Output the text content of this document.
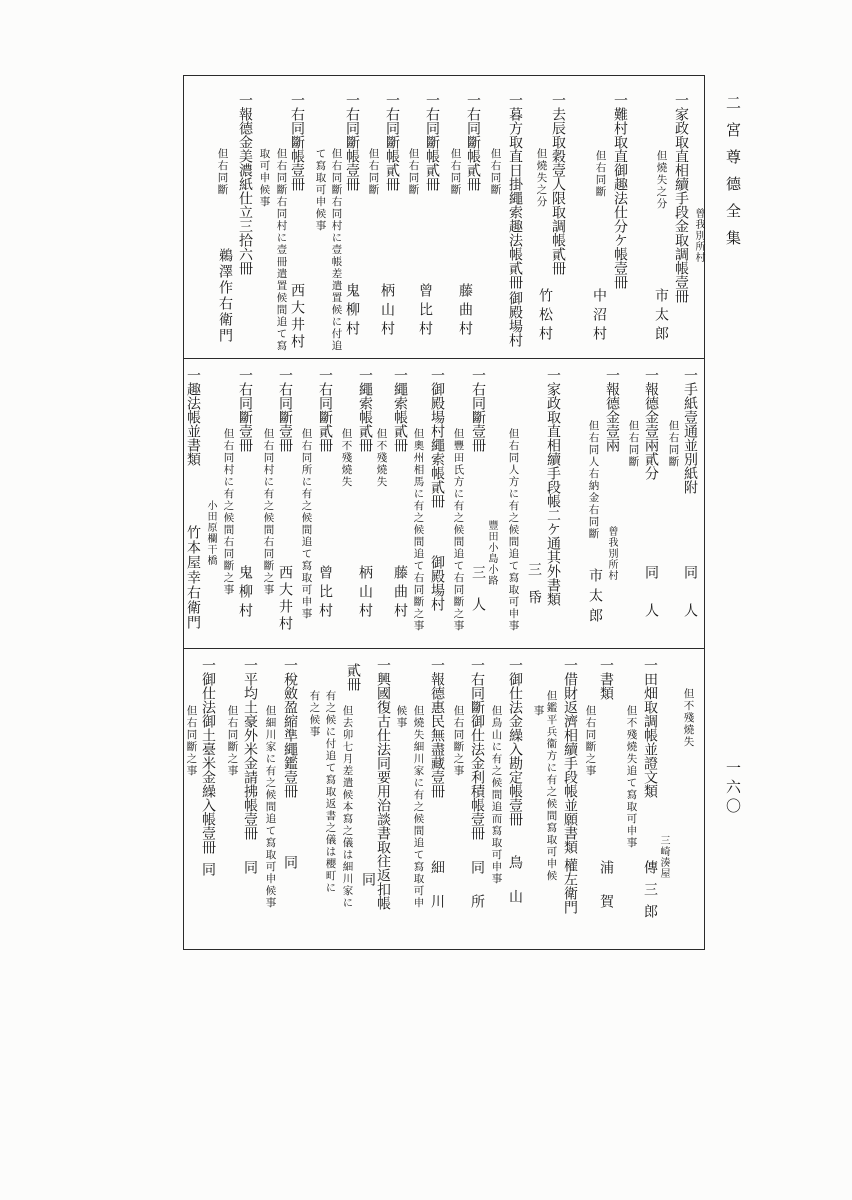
二宮尊德全集
一六〇
曾我別所村
一家政取直相續手段金取調帳壹冊
但燒失之分
市太郎
一難村取直御趣法仕分ケ帳壹冊
但右同斷
中沼村
一去辰取穀壹人限取調帳貳冊
但燒失之分
竹松村
一暮方取直日掛繩索趣法帳貳冊
但右同斷
御殿場村
一右同斷帳貳冊
但右同斷
藤曲村
一右同斷帳貳冊
但右同斷
曾比村
一右同斷帳貳冊
但右同斷
柄山村
一右同斷帳壹冊
但右同斷右同村に壹帳差遣置候に付追
て寫取可申候事
鬼柳村
一右同斷帳壹冊
但右同斷右同村に壹冊遣置候間追て寫
取可申候事
西大井村
一報德金美濃紙仕立三拾六冊
但右同斷
鵜澤作右衛門
一手紙壹通並別紙附
但右同斷
同人
一報德金壹兩貳分
但右同斷
同人
一報德金壹兩
但右同人右納金右同斷
曾我別所村
市太郎
一家政取直相續手段帳二ケ通其外書類
三帋
但右同人方に有之候間追て寫取可申事
一右同斷壹冊
豐田小島小路
三人
但豐田氏方に有之候間追て右同斷之事
一御殿場村繩索帳貳冊
但奧州相馬に有之候間追て右同斷之事 御殿場村
一繩索帳貳冊
但不殘燒失
藤曲村
一繩索帳貳冊
但不殘燒失
柄山村
一右同斷貳冊
但右同所に有之候間追て寫取可申事 曾比村
一右同斷壹冊
但右同村に有之候間右同斷之事
西大井村
一右同斷壹冊
但右同村に有之候間右同斷之事 鬼柳村
一趣法帳並書類
小田原欄干橋
竹本屋幸右衛門
但不殘燒失
一田畑取調帳並證文類
但不殘燒失追て寫取可申事
三崎湊屋
傳三郎
一書類
但右同斷之事
浦賀
一借財返濟相續手段帳並願書類
權左衛門
但鑑平兵衞方に有之候間寫取可申候
事
一御仕法金繰入勘定帳壹冊
鳥山
但鳥山に有之候間追而寫取可申事
一右同斷御仕法金利積帳壹冊
同所
但右同斷之事
一報德惠民無盡藏壹冊
細川
但燒失細川家に有之候間追て寫取可申
候事
一興國復古仕法同要用治談書取往返扣帳
同
貳冊
但去卯七月差遣候本寫之儀は細川家に
有之候に付追て寫取返書之儀は櫻町に
有之候事
一稅斂盈縮準繩鑑壹冊
同
但細川家に有之候間追て寫取可申候事
一平均土豪外米金請拂帳壹冊
同
但右同斷之事
一御仕法御土臺米金繰入帳壹冊
同
但右同斷之事
